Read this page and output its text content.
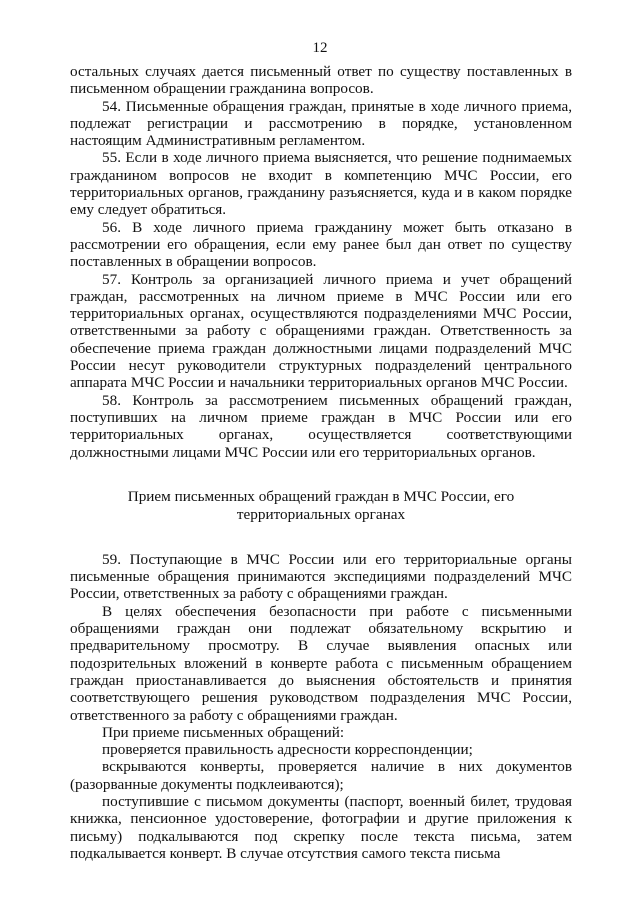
12

остальных случаях дается письменный ответ по существу поставленных в письменном обращении гражданина вопросов.

54. Письменные обращения граждан, принятые в ходе личного приема, подлежат регистрации и рассмотрению в порядке, установленном настоящим Административным регламентом.

55. Если в ходе личного приема выясняется, что решение поднимаемых гражданином вопросов не входит в компетенцию МЧС России, его территориальных органов, гражданину разъясняется, куда и в каком порядке ему следует обратиться.

56. В ходе личного приема гражданину может быть отказано в рассмотрении его обращения, если ему ранее был дан ответ по существу поставленных в обращении вопросов.

57. Контроль за организацией личного приема и учет обращений граждан, рассмотренных на личном приеме в МЧС России или его территориальных органах, осуществляются подразделениями МЧС России, ответственными за работу с обращениями граждан. Ответственность за обеспечение приема граждан должностными лицами подразделений МЧС России несут руководители структурных подразделений центрального аппарата МЧС России и начальники территориальных органов МЧС России.

58. Контроль за рассмотрением письменных обращений граждан, поступивших на личном приеме граждан в МЧС России или его территориальных органах, осуществляется соответствующими должностными лицами МЧС России или его территориальных органов.

Прием письменных обращений граждан в МЧС России, его
территориальных органах

59. Поступающие в МЧС России или его территориальные органы письменные обращения принимаются экспедициями подразделений МЧС России, ответственных за работу с обращениями граждан.

В целях обеспечения безопасности при работе с письменными обращениями граждан они подлежат обязательному вскрытию и предварительному просмотру. В случае выявления опасных или подозрительных вложений в конверте работа с письменным обращением граждан приостанавливается до выяснения обстоятельств и принятия соответствующего решения руководством подразделения МЧС России, ответственного за работу с обращениями граждан.

При приеме письменных обращений:

проверяется правильность адресности корреспонденции;

вскрываются конверты, проверяется наличие в них документов (разорванные документы подклеиваются);

поступившие с письмом документы (паспорт, военный билет, трудовая книжка, пенсионное удостоверение, фотографии и другие приложения к письму) подкалываются под скрепку после текста письма, затем подкалывается конверт. В случае отсутствия самого текста письма
